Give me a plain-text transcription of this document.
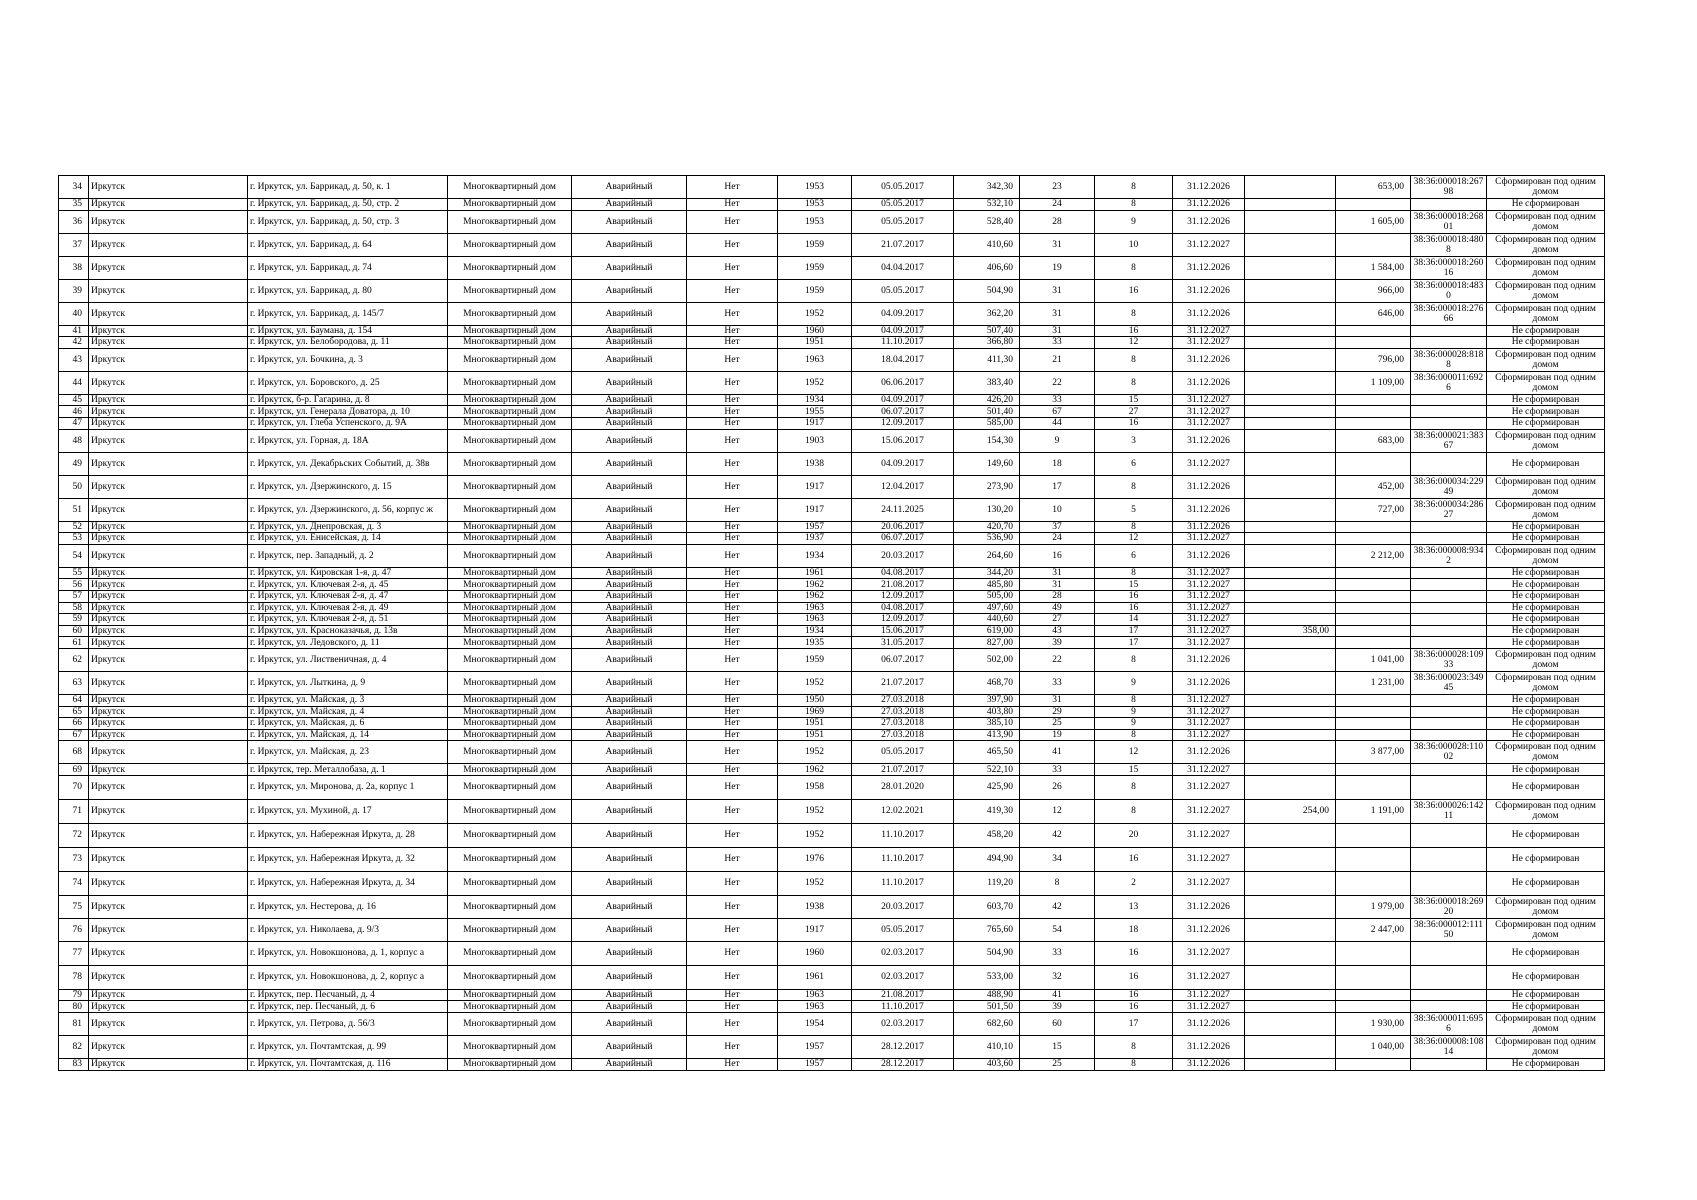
34	Иркутск	г. Иркутск, ул. Баррикад, д. 50, к. 1	Многоквартирный дом	Аварийный	Нет	1953	05.05.2017	342,30	23	8	31.12.2026		653,00	38:36:000018:26798	Сформирован под одним домом
35	Иркутск	г. Иркутск, ул. Баррикад, д. 50, стр. 2	Многоквартирный дом	Аварийный	Нет	1953	05.05.2017	532,10	24	8	31.12.2026				Не сформирован
36	Иркутск	г. Иркутск, ул. Баррикад, д. 50, стр. 3	Многоквартирный дом	Аварийный	Нет	1953	05.05.2017	528,40	28	9	31.12.2026		1 605,00	38:36:000018:26801	Сформирован под одним домом
37	Иркутск	г. Иркутск, ул. Баррикад, д. 64	Многоквартирный дом	Аварийный	Нет	1959	21.07.2017	410,60	31	10	31.12.2027			38:36:000018:4808	Сформирован под одним домом
38	Иркутск	г. Иркутск, ул. Баррикад, д. 74	Многоквартирный дом	Аварийный	Нет	1959	04.04.2017	406,60	19	8	31.12.2026		1 584,00	38:36:000018:26016	Сформирован под одним домом
39	Иркутск	г. Иркутск, ул. Баррикад, д. 80	Многоквартирный дом	Аварийный	Нет	1959	05.05.2017	504,90	31	16	31.12.2026		966,00	38:36:000018:4830	Сформирован под одним домом
40	Иркутск	г. Иркутск, ул. Баррикад, д. 145/7	Многоквартирный дом	Аварийный	Нет	1952	04.09.2017	362,20	31	8	31.12.2026		646,00	38:36:000018:27666	Сформирован под одним домом
41	Иркутск	г. Иркутск, ул. Баумана, д. 154	Многоквартирный дом	Аварийный	Нет	1960	04.09.2017	507,40	31	16	31.12.2027				Не сформирован
42	Иркутск	г. Иркутск, ул. Белобородова, д. 11	Многоквартирный дом	Аварийный	Нет	1951	11.10.2017	366,80	33	12	31.12.2027				Не сформирован
43	Иркутск	г. Иркутск, ул. Бочкина, д. 3	Многоквартирный дом	Аварийный	Нет	1963	18.04.2017	411,30	21	8	31.12.2026		796,00	38:36:000028:8188	Сформирован под одним домом
44	Иркутск	г. Иркутск, ул. Боровского, д. 25	Многоквартирный дом	Аварийный	Нет	1952	06.06.2017	383,40	22	8	31.12.2026		1 109,00	38:36:000011:6926	Сформирован под одним домом
45	Иркутск	г. Иркутск, б-р. Гагарина, д. 8	Многоквартирный дом	Аварийный	Нет	1934	04.09.2017	426,20	33	15	31.12.2027				Не сформирован
46	Иркутск	г. Иркутск, ул. Генерала Доватора, д. 10	Многоквартирный дом	Аварийный	Нет	1955	06.07.2017	501,40	67	27	31.12.2027				Не сформирован
47	Иркутск	г. Иркутск, ул. Глеба Успенского, д. 9А	Многоквартирный дом	Аварийный	Нет	1917	12.09.2017	585,00	44	16	31.12.2027				Не сформирован
48	Иркутск	г. Иркутск, ул. Горная, д. 18А	Многоквартирный дом	Аварийный	Нет	1903	15.06.2017	154,30	9	3	31.12.2026		683,00	38:36:000021:38367	Сформирован под одним домом
49	Иркутск	г. Иркутск, ул. Декабрьских Событий, д. 38в	Многоквартирный дом	Аварийный	Нет	1938	04.09.2017	149,60	18	6	31.12.2027				Не сформирован
50	Иркутск	г. Иркутск, ул. Дзержинского, д. 15	Многоквартирный дом	Аварийный	Нет	1917	12.04.2017	273,90	17	8	31.12.2026		452,00	38:36:000034:22949	Сформирован под одним домом
51	Иркутск	г. Иркутск, ул. Дзержинского, д. 56, корпус ж	Многоквартирный дом	Аварийный	Нет	1917	24.11.2025	130,20	10	5	31.12.2026		727,00	38:36:000034:28627	Сформирован под одним домом
52	Иркутск	г. Иркутск, ул. Днепровская, д. 3	Многоквартирный дом	Аварийный	Нет	1957	20.06.2017	420,70	37	8	31.12.2026				Не сформирован
53	Иркутск	г. Иркутск, ул. Енисейская, д. 14	Многоквартирный дом	Аварийный	Нет	1937	06.07.2017	536,90	24	12	31.12.2027				Не сформирован
54	Иркутск	г. Иркутск, пер. Западный, д. 2	Многоквартирный дом	Аварийный	Нет	1934	20.03.2017	264,60	16	6	31.12.2026		2 212,00	38:36:000008:9342	Сформирован под одним домом
55	Иркутск	г. Иркутск, ул. Кировская 1-я, д. 47	Многоквартирный дом	Аварийный	Нет	1961	04.08.2017	344,20	31	8	31.12.2027				Не сформирован
56	Иркутск	г. Иркутск, ул. Ключевая 2-я, д. 45	Многоквартирный дом	Аварийный	Нет	1962	21.08.2017	485,80	31	15	31.12.2027				Не сформирован
57	Иркутск	г. Иркутск, ул. Ключевая 2-я, д. 47	Многоквартирный дом	Аварийный	Нет	1962	12.09.2017	505,00	28	16	31.12.2027				Не сформирован
58	Иркутск	г. Иркутск, ул. Ключевая 2-я, д. 49	Многоквартирный дом	Аварийный	Нет	1963	04.08.2017	497,60	49	16	31.12.2027				Не сформирован
59	Иркутск	г. Иркутск, ул. Ключевая 2-я, д. 51	Многоквартирный дом	Аварийный	Нет	1963	12.09.2017	440,60	27	14	31.12.2027				Не сформирован
60	Иркутск	г. Иркутск, ул. Красноказачья, д. 13в	Многоквартирный дом	Аварийный	Нет	1934	15.06.2017	619,00	43	17	31.12.2027	358,00			Не сформирован
61	Иркутск	г. Иркутск, ул. Ледовского, д. 11	Многоквартирный дом	Аварийный	Нет	1935	31.05.2017	827,00	39	17	31.12.2027				Не сформирован
62	Иркутск	г. Иркутск, ул. Лиственичная, д. 4	Многоквартирный дом	Аварийный	Нет	1959	06.07.2017	502,00	22	8	31.12.2026		1 041,00	38:36:000028:10933	Сформирован под одним домом
63	Иркутск	г. Иркутск, ул. Лыткина, д. 9	Многоквартирный дом	Аварийный	Нет	1952	21.07.2017	468,70	33	9	31.12.2026		1 231,00	38:36:000023:34945	Сформирован под одним домом
64	Иркутск	г. Иркутск, ул. Майская, д. 3	Многоквартирный дом	Аварийный	Нет	1950	27.03.2018	397,90	31	8	31.12.2027				Не сформирован
65	Иркутск	г. Иркутск, ул. Майская, д. 4	Многоквартирный дом	Аварийный	Нет	1969	27.03.2018	403,80	29	9	31.12.2027				Не сформирован
66	Иркутск	г. Иркутск, ул. Майская, д. 6	Многоквартирный дом	Аварийный	Нет	1951	27.03.2018	385,10	25	9	31.12.2027				Не сформирован
67	Иркутск	г. Иркутск, ул. Майская, д. 14	Многоквартирный дом	Аварийный	Нет	1951	27.03.2018	413,90	19	8	31.12.2027				Не сформирован
68	Иркутск	г. Иркутск, ул. Майская, д. 23	Многоквартирный дом	Аварийный	Нет	1952	05.05.2017	465,50	41	12	31.12.2026		3 877,00	38:36:000028:11002	Сформирован под одним домом
69	Иркутск	г. Иркутск, тер. Металлобаза, д. 1	Многоквартирный дом	Аварийный	Нет	1962	21.07.2017	522,10	33	15	31.12.2027				Не сформирован
70	Иркутск	г. Иркутск, ул. Миронова, д. 2а, корпус 1	Многоквартирный дом	Аварийный	Нет	1958	28.01.2020	425,90	26	8	31.12.2027				Не сформирован
71	Иркутск	г. Иркутск, ул. Мухиной, д. 17	Многоквартирный дом	Аварийный	Нет	1952	12.02.2021	419,30	12	8	31.12.2027	254,00	1 191,00	38:36:000026:14211	Сформирован под одним домом
72	Иркутск	г. Иркутск, ул. Набережная Иркута, д. 28	Многоквартирный дом	Аварийный	Нет	1952	11.10.2017	458,20	42	20	31.12.2027				Не сформирован
73	Иркутск	г. Иркутск, ул. Набережная Иркута, д. 32	Многоквартирный дом	Аварийный	Нет	1976	11.10.2017	494,90	34	16	31.12.2027				Не сформирован
74	Иркутск	г. Иркутск, ул. Набережная Иркута, д. 34	Многоквартирный дом	Аварийный	Нет	1952	11.10.2017	119,20	8	2	31.12.2027				Не сформирован
75	Иркутск	г. Иркутск, ул. Нестерова, д. 16	Многоквартирный дом	Аварийный	Нет	1938	20.03.2017	603,70	42	13	31.12.2026		1 979,00	38:36:000018:26920	Сформирован под одним домом
76	Иркутск	г. Иркутск, ул. Николаева, д. 9/3	Многоквартирный дом	Аварийный	Нет	1917	05.05.2017	765,60	54	18	31.12.2026		2 447,00	38:36:000012:11150	Сформирован под одним домом
77	Иркутск	г. Иркутск, ул. Новокшонова, д. 1, корпус а	Многоквартирный дом	Аварийный	Нет	1960	02.03.2017	504,90	33	16	31.12.2027				Не сформирован
78	Иркутск	г. Иркутск, ул. Новокшонова, д. 2, корпус а	Многоквартирный дом	Аварийный	Нет	1961	02.03.2017	533,00	32	16	31.12.2027				Не сформирован
79	Иркутск	г. Иркутск, пер. Песчаный, д. 4	Многоквартирный дом	Аварийный	Нет	1963	21.08.2017	488,90	41	16	31.12.2027				Не сформирован
80	Иркутск	г. Иркутск, пер. Песчаный, д. 6	Многоквартирный дом	Аварийный	Нет	1963	11.10.2017	501,50	39	16	31.12.2027				Не сформирован
81	Иркутск	г. Иркутск, ул. Петрова, д. 56/3	Многоквартирный дом	Аварийный	Нет	1954	02.03.2017	682,60	60	17	31.12.2026		1 930,00	38:36:000011:6956	Сформирован под одним домом
82	Иркутск	г. Иркутск, ул. Почтамтская, д. 99	Многоквартирный дом	Аварийный	Нет	1957	28.12.2017	410,10	15	8	31.12.2026		1 040,00	38:36:000008:10814	Сформирован под одним домом
83	Иркутск	г. Иркутск, ул. Почтамтская, д. 116	Многоквартирный дом	Аварийный	Нет	1957	28.12.2017	403,60	25	8	31.12.2026				Не сформирован
